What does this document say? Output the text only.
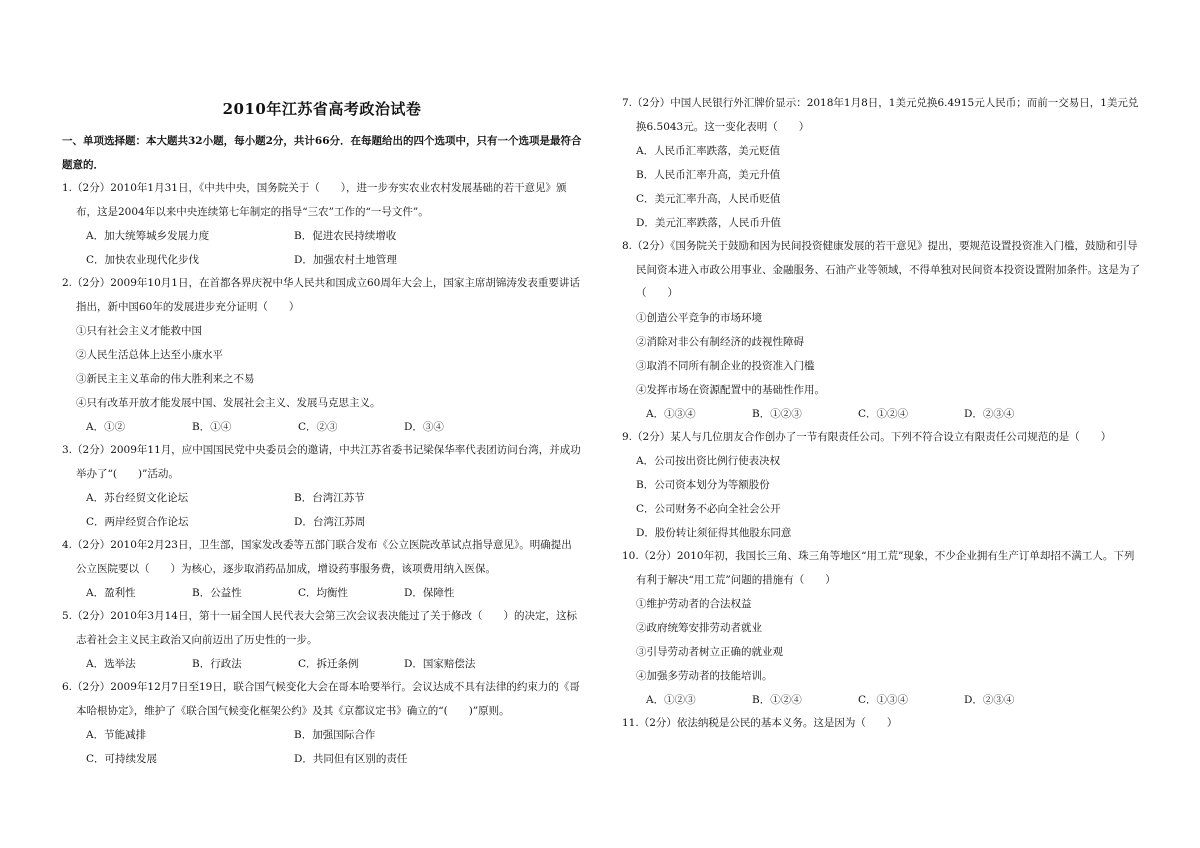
2010年江苏省高考政治试卷
一、单项选择题：本大题共32小题，每小题2分，共计66分．在每题给出的四个选项中，只有一个选项是最符合题意的．
1.（2分）2010年1月31日，《中共中央，国务院关于（　　），进一步夯实农业农村发展基础的若干意见》颁布，这是2004年以来中央连续第七年制定的指导“三农”工作的“一号文件”。
A．加大统筹城乡发展力度	B．促进农民持续增收
C．加快农业现代化步伐	D．加强农村土地管理
2.（2分）2009年10月1日，在首都各界庆祝中华人民共和国成立60周年大会上，国家主席胡锦涛发表重要讲话指出，新中国60年的发展进步充分证明（　　）
①只有社会主义才能救中国
②人民生活总体上达至小康水平
③新民主主义革命的伟大胜利来之不易
④只有改革开放才能发展中国、发展社会主义、发展马克思主义。
A．①②	B．①④	C．②③	D．③④
3.（2分）2009年11月，应中国国民党中央委员会的邀请，中共江苏省委书记梁保华率代表团访问台湾，并成功举办了“(　　)”活动。
A．苏台经贸文化论坛	B．台湾江苏节
C．两岸经贸合作论坛	D．台湾江苏周
4.（2分）2010年2月23日，卫生部，国家发改委等五部门联合发布《公立医院改革试点指导意见》。明确提出公立医院要以（　　）为核心，逐步取消药品加成，增设药事服务费，该项费用纳入医保。
A．盈利性	B．公益性	C．均衡性	D．保障性
5.（2分）2010年3月14日，第十一届全国人民代表大会第三次会议表决能过了关于修改（　　）的决定，这标志着社会主义民主政治又向前迈出了历史性的一步。
A．选举法	B．行政法	C．拆迁条例	D．国家赔偿法
6.（2分）2009年12月7日至19日，联合国气候变化大会在哥本哈要举行。会议达成不具有法律的约束力的《哥本哈根协定》，维护了《联合国气候变化框架公约》及其《京都议定书》确立的“(　　)”原则。
A．节能减排	B．加强国际合作
C．可持续发展	D．共同但有区别的责任
7.（2分）中国人民银行外汇牌价显示：2018年1月8日，1美元兑换6.4915元人民币；而前一交易日，1美元兑换6.5043元。这一变化表明（　　）
A．人民币汇率跌落，美元贬值
B．人民币汇率升高，美元升值
C．美元汇率升高，人民币贬值
D．美元汇率跌落，人民币升值
8.（2分）《国务院关于鼓励和因为民间投资健康发展的若干意见》提出，要规范设置投资准入门槛，鼓励和引导民间资本进入市政公用事业、金融服务、石油产业等领域，不得单独对民间资本投资设置附加条件。这是为了
（　　）
①创造公平竞争的市场环境
②消除对非公有制经济的歧视性障碍
③取消不同所有制企业的投资准入门槛
④发挥市场在资源配置中的基础性作用。
A．①③④	B．①②③	C．①②④	D．②③④
9.（2分）某人与几位朋友合作创办了一节有限责任公司。下列不符合设立有限责任公司规范的是（　　）
A．公司按出资比例行使表决权
B．公司资本划分为等额股份
C．公司财务不必向全社会公开
D．股份转让须征得其他股东同意
10.（2分）2010年初，我国长三角、珠三角等地区“用工荒”现象，不少企业拥有生产订单却招不满工人。下列有利于解决“用工荒”问题的措施有（　　）
①维护劳动者的合法权益
②政府统筹安排劳动者就业
③引导劳动者树立正确的就业观
④加强多劳动者的技能培训。
A．①②③	B．①②④	C．①③④	D．②③④
11.（2分）依法纳税是公民的基本义务。这是因为（　　）
